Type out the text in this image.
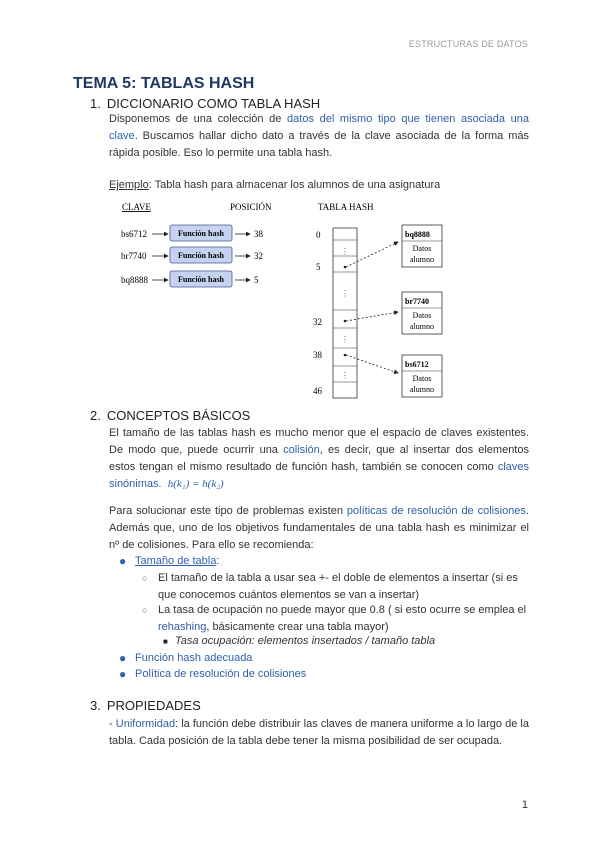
ESTRUCTURAS DE DATOS
TEMA 5: TABLAS HASH
1. DICCIONARIO COMO TABLA HASH
Disponemos de una colección de datos del mismo tipo que tienen asociada una clave. Buscamos hallar dicho dato a través de la clave asociada de la forma más rápida posible. Eso lo permite una tabla hash.
Ejemplo: Tabla hash para almacenar los alumnos de una asignatura
CLAVE	POSICIÓN	TABLA HASH
bs6712	Función hash	38
br7740	Función hash	32
bq8888	Función hash	5
⋮
⋮
⋮
⋮
0
5
32
38
46
bq8888
Datos
alumno
br7740
Datos
alumno
bs6712
Datos
alumno
2. CONCEPTOS BÁSICOS
El tamaño de las tablas hash es mucho menor que el espacio de claves existentes. De modo que, puede ocurrir una colisión, es decir, que al insertar dos elementos estos tengan el mismo resultado de función hash, también se conocen como claves sinónimas. h(k₁) = h(k₂)
Para solucionar este tipo de problemas existen políticas de resolución de colisiones. Además que, uno de los objetivos fundamentales de una tabla hash es minimizar el nº de colisiones. Para ello se recomienda:
● Tamaño de tabla:
○ El tamaño de la tabla a usar sea +- el doble de elementos a insertar (si es que conocemos cuántos elementos se van a insertar)
○ La tasa de ocupación no puede mayor que 0.8 ( si esto ocurre se emplea el rehashing, básicamente crear una tabla mayor)
■ Tasa ocupación: elementos insertados / tamaño tabla
● Función hash adecuada
● Política de resolución de colisiones
3. PROPIEDADES
- Uniformidad: la función debe distribuir las claves de manera uniforme a lo largo de la tabla. Cada posición de la tabla debe tener la misma posibilidad de ser ocupada.
1
